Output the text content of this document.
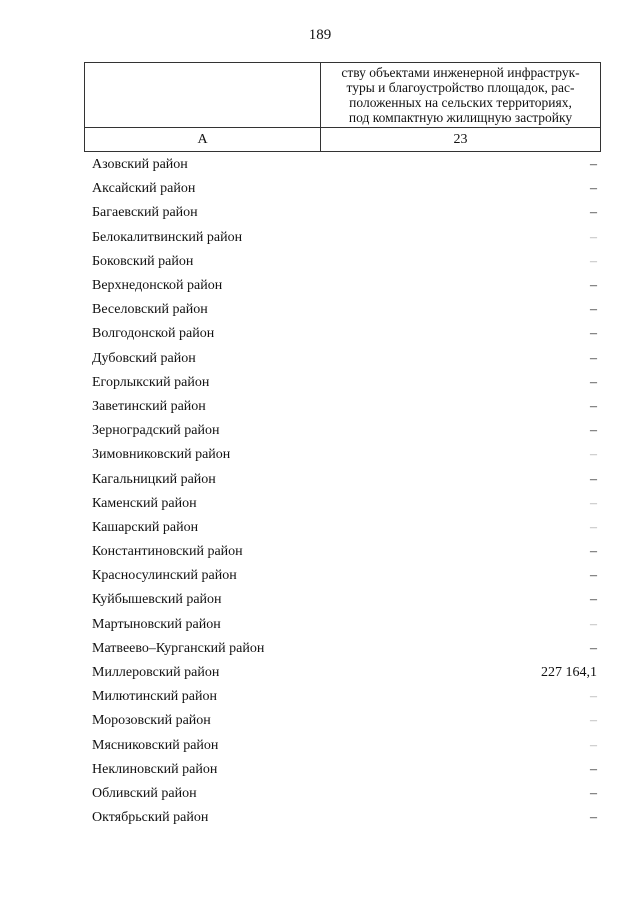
189

	ству объектами инженерной инфраструк-
туры и благоустройство площадок, рас-
положенных на сельских территориях,
под компактную жилищную застройку

А	23
Азовский район	–
Аксайский район	–
Багаевский район	–
Белокалитвинский район	–
Боковский район	–
Верхнедонской район	–
Веселовский район	–
Волгодонской район	–
Дубовский район	–
Егорлыкский район	–
Заветинский район	–
Зерноградский район	–
Зимовниковский район	–
Кагальницкий район	–
Каменский район	–
Кашарский район	–
Константиновский район	–
Красносулинский район	–
Куйбышевский район	–
Мартыновский район	–
Матвеево–Курганский район	–
Миллеровский район	227 164,1
Милютинский район	–
Морозовский район	–
Мясниковский район	–
Неклиновский район	–
Обливский район	–
Октябрьский район	–
